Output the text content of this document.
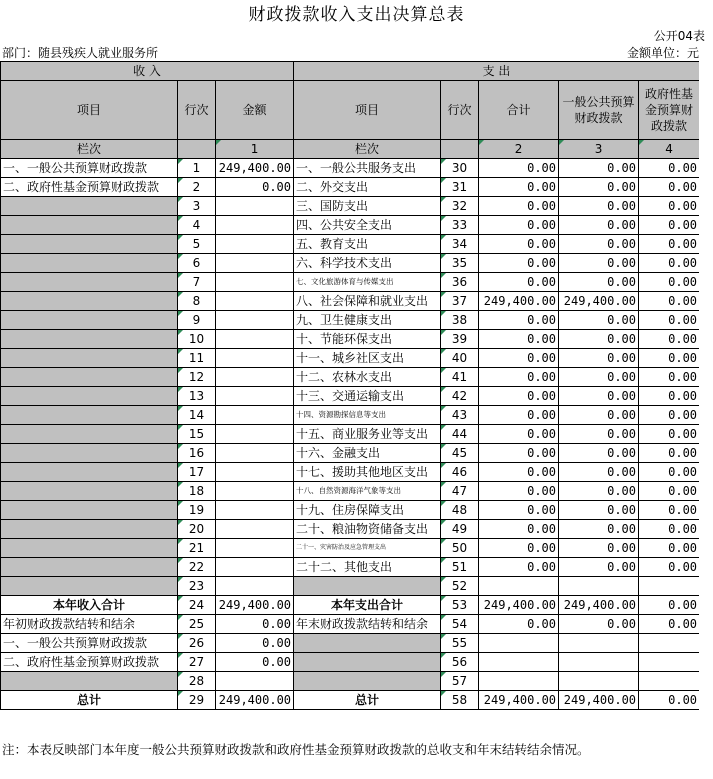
财政拨款收入支出决算总表
公开04表
部门：随县残疾人就业服务所	金额单位：元
收 入			支 出				
项目	行次	金额	项目	行次	合计	一般公共预算财政拨款	政府性基金预算财政拨款
栏次		1	栏次		2	3	4
一、一般公共预算财政拨款	1	249,400.00	一、一般公共服务支出	30	0.00	0.00	0.00
二、政府性基金预算财政拨款	2	0.00	二、外交支出	31	0.00	0.00	0.00
	3		三、国防支出	32	0.00	0.00	0.00
	4		四、公共安全支出	33	0.00	0.00	0.00
	5		五、教育支出	34	0.00	0.00	0.00
	6		六、科学技术支出	35	0.00	0.00	0.00
	7		七、文化旅游体育与传媒支出	36	0.00	0.00	0.00
	8		八、社会保障和就业支出	37	249,400.00	249,400.00	0.00
	9		九、卫生健康支出	38	0.00	0.00	0.00
	10		十、节能环保支出	39	0.00	0.00	0.00
	11		十一、城乡社区支出	40	0.00	0.00	0.00
	12		十二、农林水支出	41	0.00	0.00	0.00
	13		十三、交通运输支出	42	0.00	0.00	0.00
	14		十四、资源勘探信息等支出	43	0.00	0.00	0.00
	15		十五、商业服务业等支出	44	0.00	0.00	0.00
	16		十六、金融支出	45	0.00	0.00	0.00
	17		十七、援助其他地区支出	46	0.00	0.00	0.00
	18		十八、自然资源海洋气象等支出	47	0.00	0.00	0.00
	19		十九、住房保障支出	48	0.00	0.00	0.00
	20		二十、粮油物资储备支出	49	0.00	0.00	0.00
	21		二十一、灾害防治及应急管理支出	50	0.00	0.00	0.00
	22		二十二、其他支出	51	0.00	0.00	0.00
	23			52			
本年收入合计	24	249,400.00	本年支出合计	53	249,400.00	249,400.00	0.00
年初财政拨款结转和结余	25	0.00	年末财政拨款结转和结余	54	0.00	0.00	0.00
一、一般公共预算财政拨款	26	0.00		55			
二、政府性基金预算财政拨款	27	0.00		56			
	28			57			
总计	29	249,400.00	总计	58	249,400.00	249,400.00	0.00
注：本表反映部门本年度一般公共预算财政拨款和政府性基金预算财政拨款的总收支和年末结转结余情况。
